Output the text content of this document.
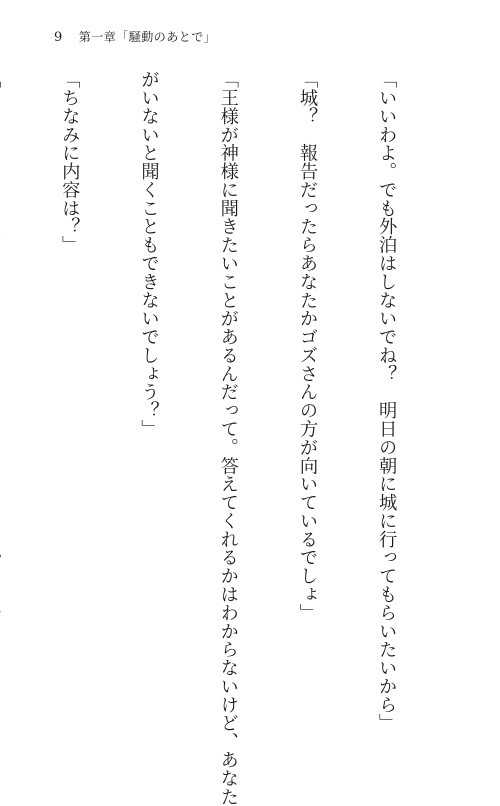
9 第一章「騒動のあとで」

「いいわよ。でも外泊はしないでね？　明日の朝に城に行ってもらいたいから」

「城？　報告だったらあなたかゴズさんの方が向いているでしょ」

「王様が神様に聞きたいことがあるんだって。答えてくれるかはわからないけど、あなた

がいないと聞くこともできないでしょう？」

「ちなみに内容は？」
